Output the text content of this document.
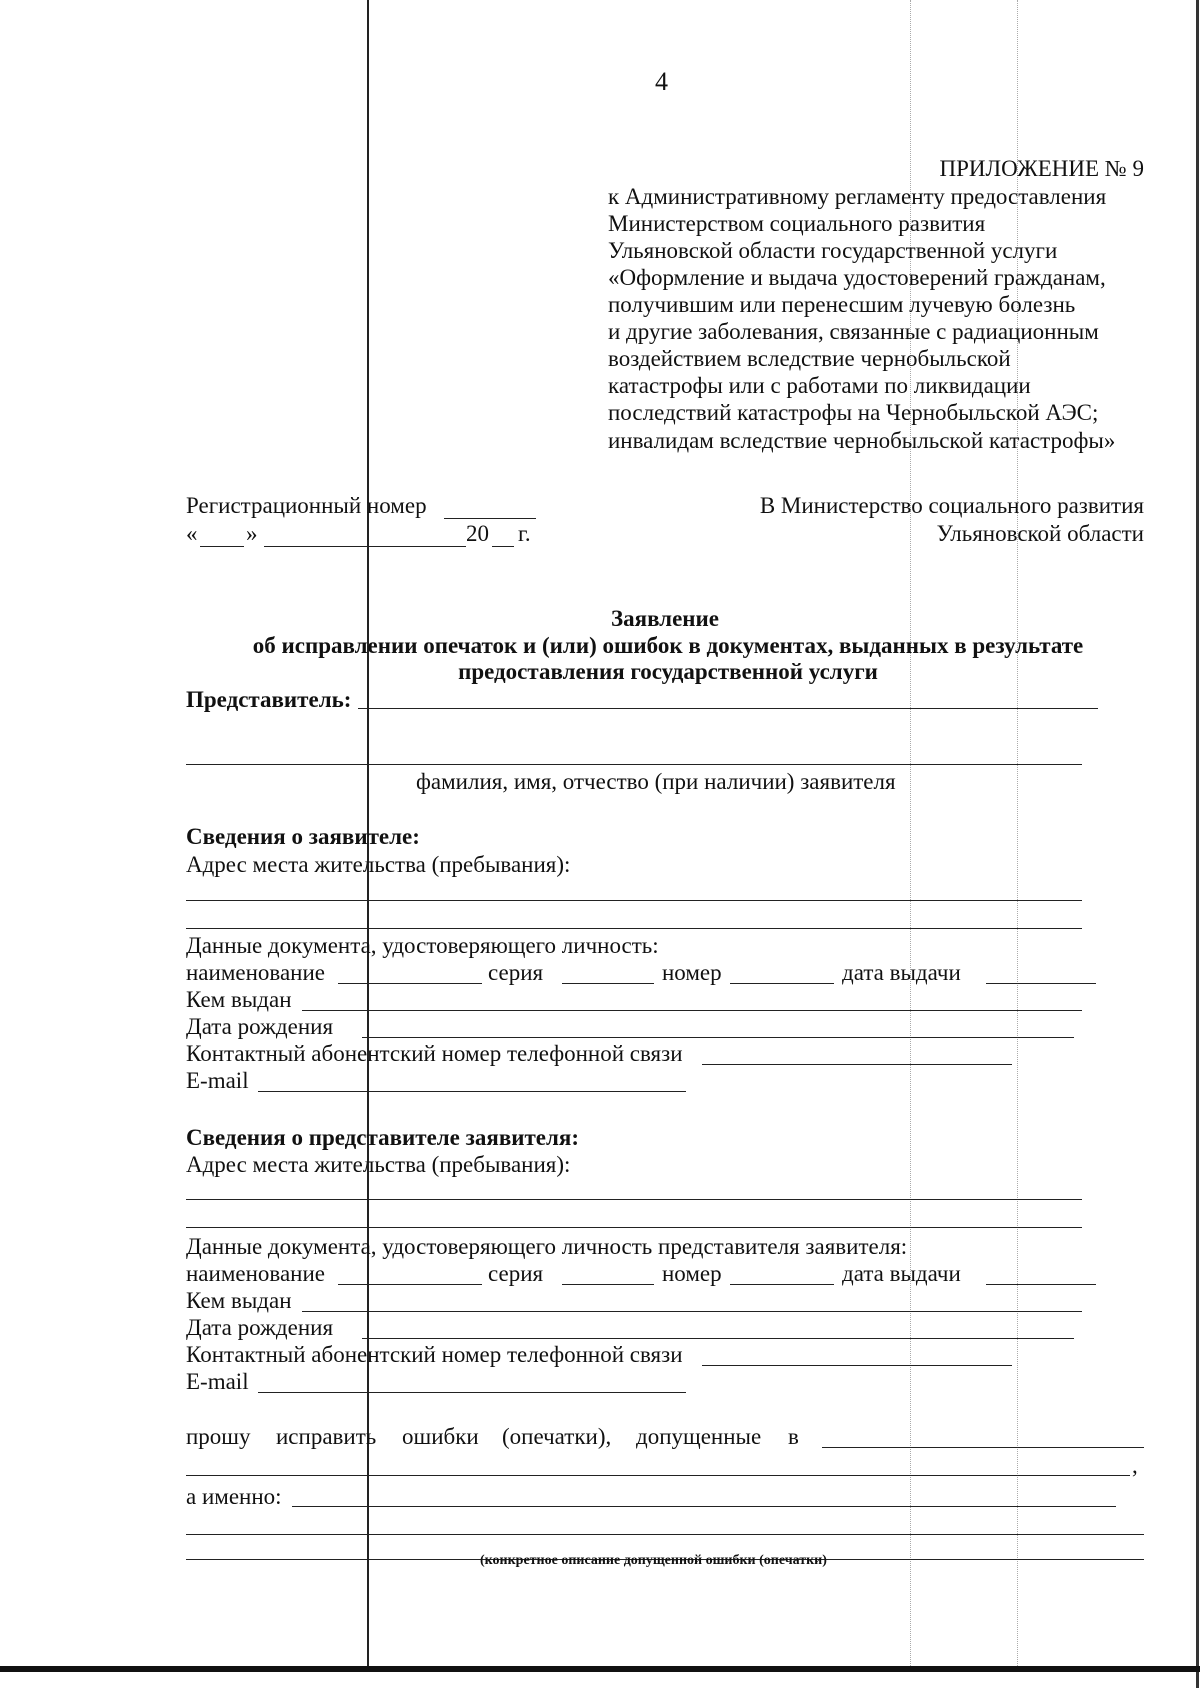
4
ПРИЛОЖЕНИЕ № 9
к Административному регламенту предоставления
Министерством социального развития
Ульяновской области государственной услуги
«Оформление и выдача удостоверений гражданам,
получившим или перенесшим лучевую болезнь
и другие заболевания, связанные с радиационным
воздействием вследствие чернобыльской
катастрофы или с работами по ликвидации
последствий катастрофы на Чернобыльской АЭС;
инвалидам вследствие чернобыльской катастрофы»
Регистрационный номер
« »	20 г.
В Министерство социального развития
Ульяновской области
Заявление
об исправлении опечаток и (или) ошибок в документах, выданных в результате
предоставления государственной услуги
Представитель:
фамилия, имя, отчество (при наличии) заявителя
Сведения о заявителе:
Адрес места жительства (пребывания):
Данные документа, удостоверяющего личность:
наименование	серия	номер	дата выдачи
Кем выдан
Дата рождения
Контактный абонентский номер телефонной связи
E-mail
Сведения о представителе заявителя:
Адрес места жительства (пребывания):
Данные документа, удостоверяющего личность представителя заявителя:
наименование	серия	номер	дата выдачи
Кем выдан
Дата рождения
Контактный абонентский номер телефонной связи
E-mail
прошу исправить ошибки (опечатки), допущенные в
,
а именно:
(конкретное описание допущенной ошибки (опечатки)
